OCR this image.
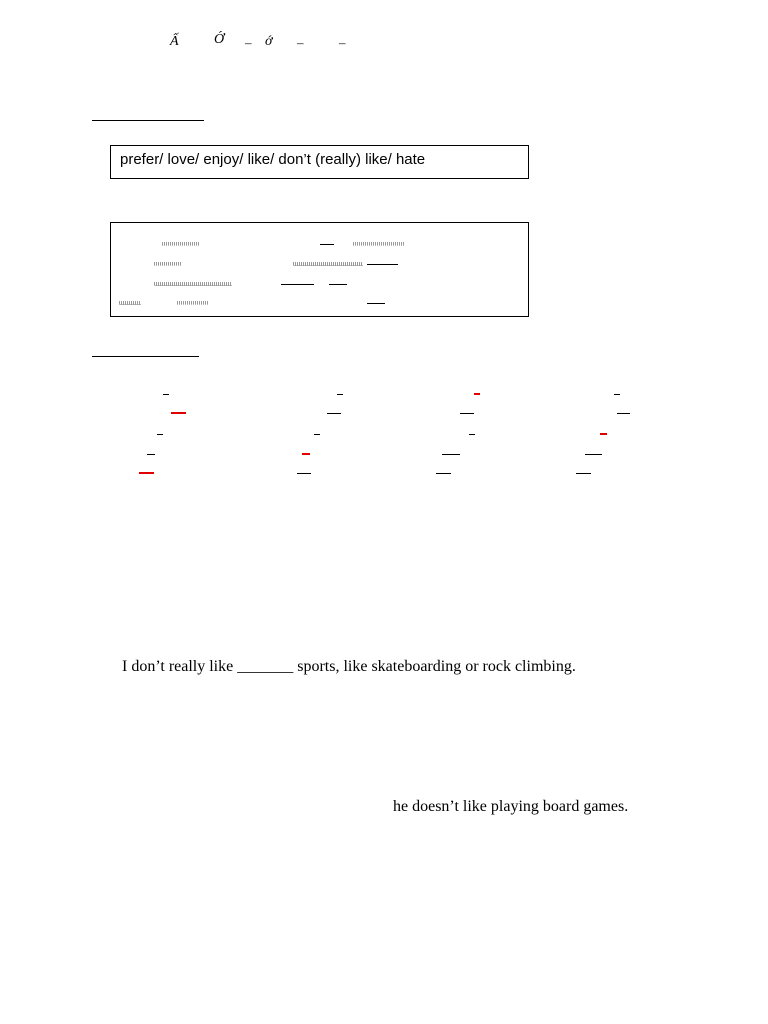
Ấ	Ớ – ớ –	–
prefer/ love/ enjoy/ like/ don’t (really) like/ hate
I don’t really like _______ sports, like skateboarding or rock climbing.
he doesn’t like playing board games.
